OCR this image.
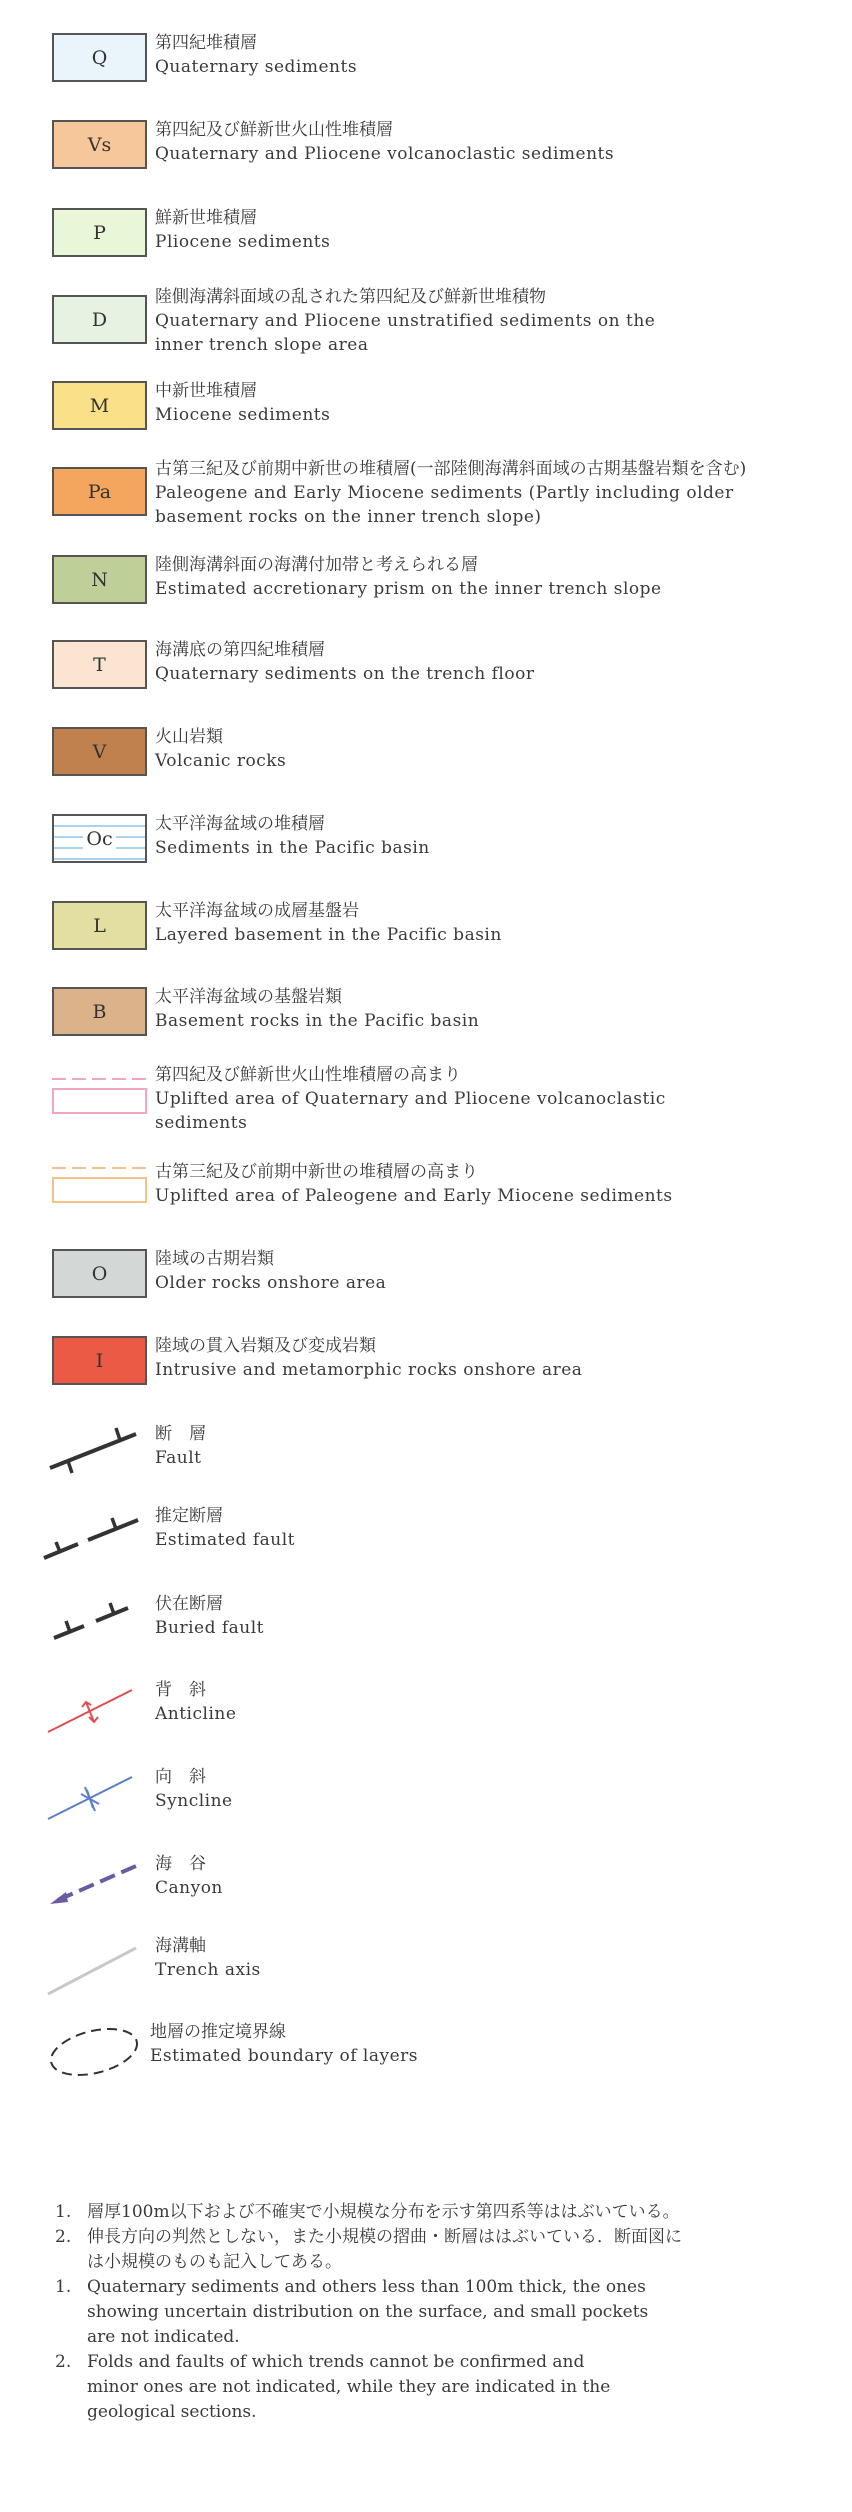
Q
第四紀堆積層
Quaternary sediments
Vs
第四紀及び鮮新世火山性堆積層
Quaternary and Pliocene volcanoclastic sediments
P
鮮新世堆積層
Pliocene sediments
D
陸側海溝斜面域の乱された第四紀及び鮮新世堆積物
Quaternary and Pliocene unstratified sediments on the
inner trench slope area
M
中新世堆積層
Miocene sediments
Pa
古第三紀及び前期中新世の堆積層(一部陸側海溝斜面域の古期基盤岩類を含む)
Paleogene and Early Miocene sediments (Partly including older
basement rocks on the inner trench slope)
N
陸側海溝斜面の海溝付加帯と考えられる層
Estimated accretionary prism on the inner trench slope
T
海溝底の第四紀堆積層
Quaternary sediments on the trench floor
V
火山岩類
Volcanic rocks
Oc
太平洋海盆域の堆積層
Sediments in the Pacific basin
L
太平洋海盆域の成層基盤岩
Layered basement in the Pacific basin
B
太平洋海盆域の基盤岩類
Basement rocks in the Pacific basin
第四紀及び鮮新世火山性堆積層の高まり
Uplifted area of Quaternary and Pliocene volcanoclastic
sediments
古第三紀及び前期中新世の堆積層の高まり
Uplifted area of Paleogene and Early Miocene sediments
O
陸域の古期岩類
Older rocks onshore area
I
陸域の貫入岩類及び変成岩類
Intrusive and metamorphic rocks onshore area
断　層
Fault
推定断層
Estimated fault
伏在断層
Buried fault
背　斜
Anticline
向　斜
Syncline
海　谷
Canyon
海溝軸
Trench axis
地層の推定境界線
Estimated boundary of layers
1. 層厚100m以下および不確実で小規模な分布を示す第四系等ははぶいている。
2. 伸長方向の判然としない，また小規模の摺曲・断層ははぶいている．断面図に
は小規模のものも記入してある。
1. Quaternary sediments and others less than 100m thick, the ones
showing uncertain distribution on the surface, and small pockets
are not indicated.
2. Folds and faults of which trends cannot be confirmed and
minor ones are not indicated, while they are indicated in the
geological sections.
